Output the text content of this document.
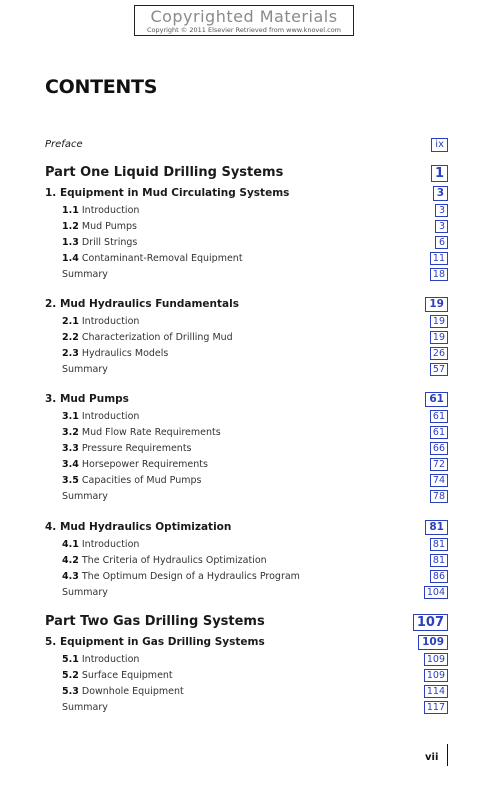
Copyrighted Materials
Copyright © 2011 Elsevier Retrieved from www.knovel.com
CONTENTS
Preface	ix
Part One Liquid Drilling Systems	1
1. Equipment in Mud Circulating Systems	3
1.1 Introduction	3
1.2 Mud Pumps	3
1.3 Drill Strings	6
1.4 Contaminant-Removal Equipment	11
Summary	18
2. Mud Hydraulics Fundamentals	19
2.1 Introduction	19
2.2 Characterization of Drilling Mud	19
2.3 Hydraulics Models	26
Summary	57
3. Mud Pumps	61
3.1 Introduction	61
3.2 Mud Flow Rate Requirements	61
3.3 Pressure Requirements	66
3.4 Horsepower Requirements	72
3.5 Capacities of Mud Pumps	74
Summary	78
4. Mud Hydraulics Optimization	81
4.1 Introduction	81
4.2 The Criteria of Hydraulics Optimization	81
4.3 The Optimum Design of a Hydraulics Program	86
Summary	104
Part Two Gas Drilling Systems	107
5. Equipment in Gas Drilling Systems	109
5.1 Introduction	109
5.2 Surface Equipment	109
5.3 Downhole Equipment	114
Summary	117
vii
